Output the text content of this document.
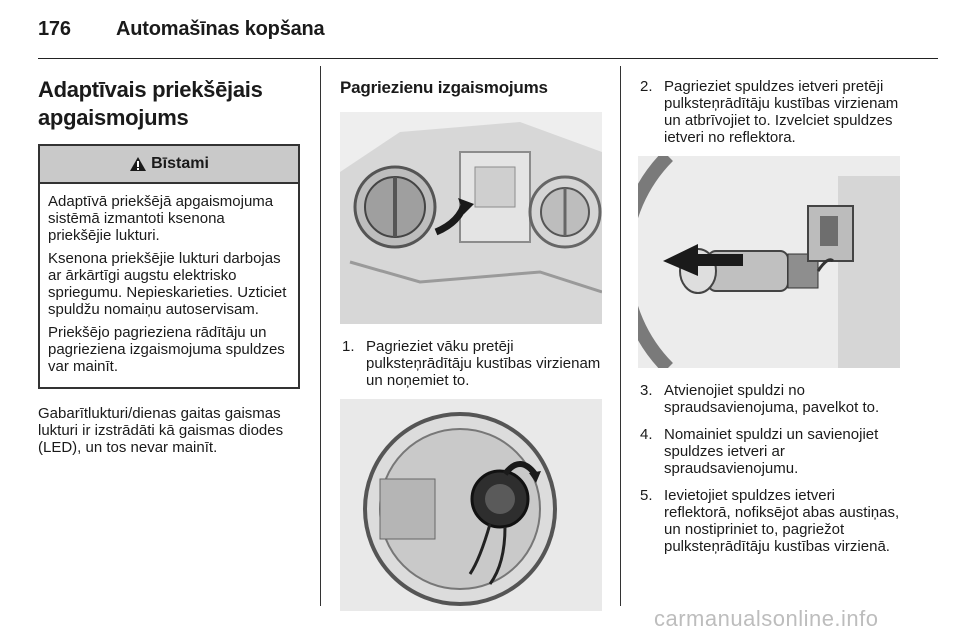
176 Automašīnas kopšana
Adaptīvais priekšējais
apgaismojums
Bīstami

Adaptīvā priekšējā apgaismojuma sistēmā izmantoti ksenona priekšējie lukturi.

Ksenona priekšējie lukturi darbojas ar ārkārtīgi augstu elektrisko spriegumu. Nepieskarieties. Uzticiet spuldžu nomaiņu autoservisam.

Priekšējo pagrieziena rādītāju un pagrieziena izgaismojuma spuldzes var mainīt.

Gabarītlukturi/dienas gaitas gaismas lukturi ir izstrādāti kā gaismas diodes (LED), un tos nevar mainīt.
Pagriezienu izgaismojums
1. Pagrieziet vāku pretēji pulksteņrādītāju kustības virzienam un noņemiet to.
2. Pagrieziet spuldzes ietveri pretēji pulksteņrādītāju kustības virzienam un atbrīvojiet to. Izvelciet spuldzes ietveri no reflektora.
3. Atvienojiet spuldzi no spraudsavienojuma, pavelkot to.
4. Nomainiet spuldzi un savienojiet spuldzes ietveri ar spraudsavienojumu.
5. Ievietojiet spuldzes ietveri reflektorā, nofiksējot abas austiņas, un nostipriniet to, pagriežot pulksteņrādītāju kustības virzienā.
carmanualsonline.info
